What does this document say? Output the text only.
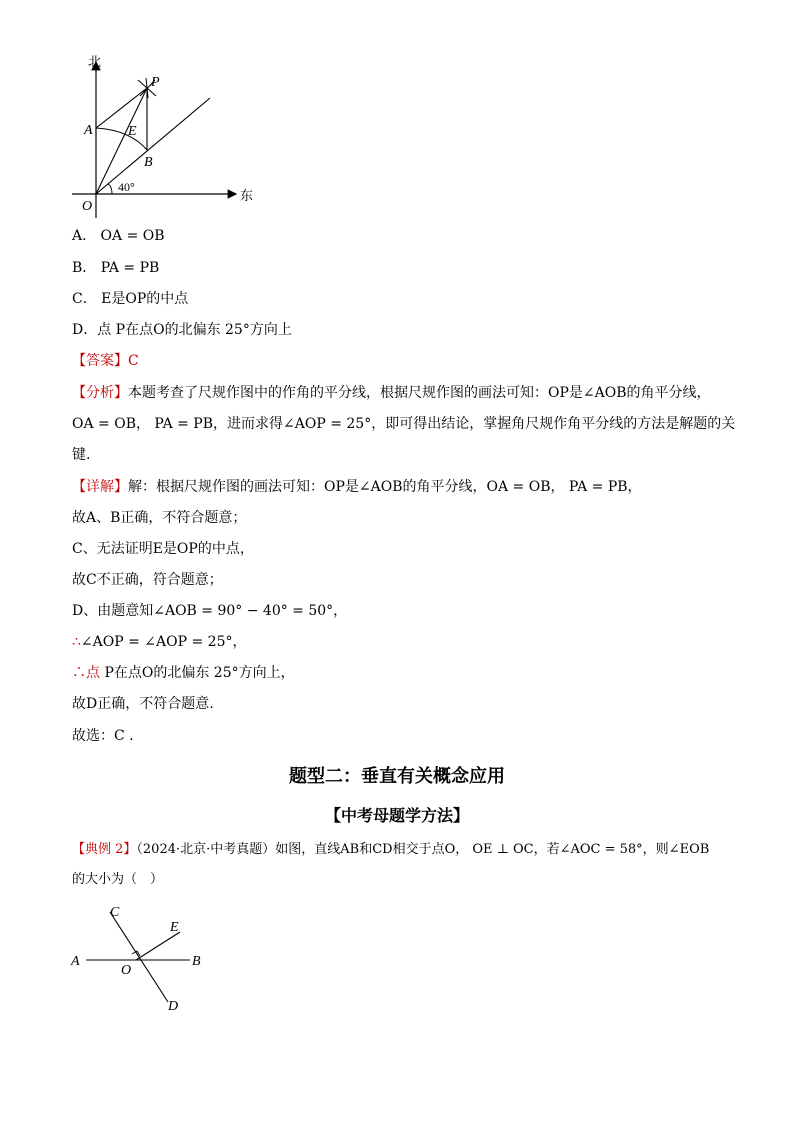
北
东
40°
O
A
B
P
E
A． OA = OB
B． PA = PB
C． E是OP的中点
D．点 P在点O的北偏东 25°方向上
【答案】C
【分析】本题考查了尺规作图中的作角的平分线，根据尺规作图的画法可知：OP是∠AOB的角平分线，
OA = OB， PA = PB，进而求得∠AOP = 25°，即可得出结论，掌握角尺规作角平分线的方法是解题的关
键.
【详解】解：根据尺规作图的画法可知：OP是∠AOB的角平分线，OA = OB， PA = PB，
故A、B正确，不符合题意；
C、无法证明E是OP的中点，
故C不正确，符合题意；
D、由题意知∠AOB = 90° − 40° = 50°，
∴∠AOP = ∠AOP = 25°，
∴点 P在点O的北偏东 25°方向上，
故D正确，不符合题意.
故选：C .
题型二：垂直有关概念应用
【中考母题学方法】
【典例 2】（2024·北京·中考真题）如图，直线AB和CD相交于点O， OE ⊥ OC，若∠AOC = 58°，则∠EOB
的大小为（　）
A	B
C
D
E
O
